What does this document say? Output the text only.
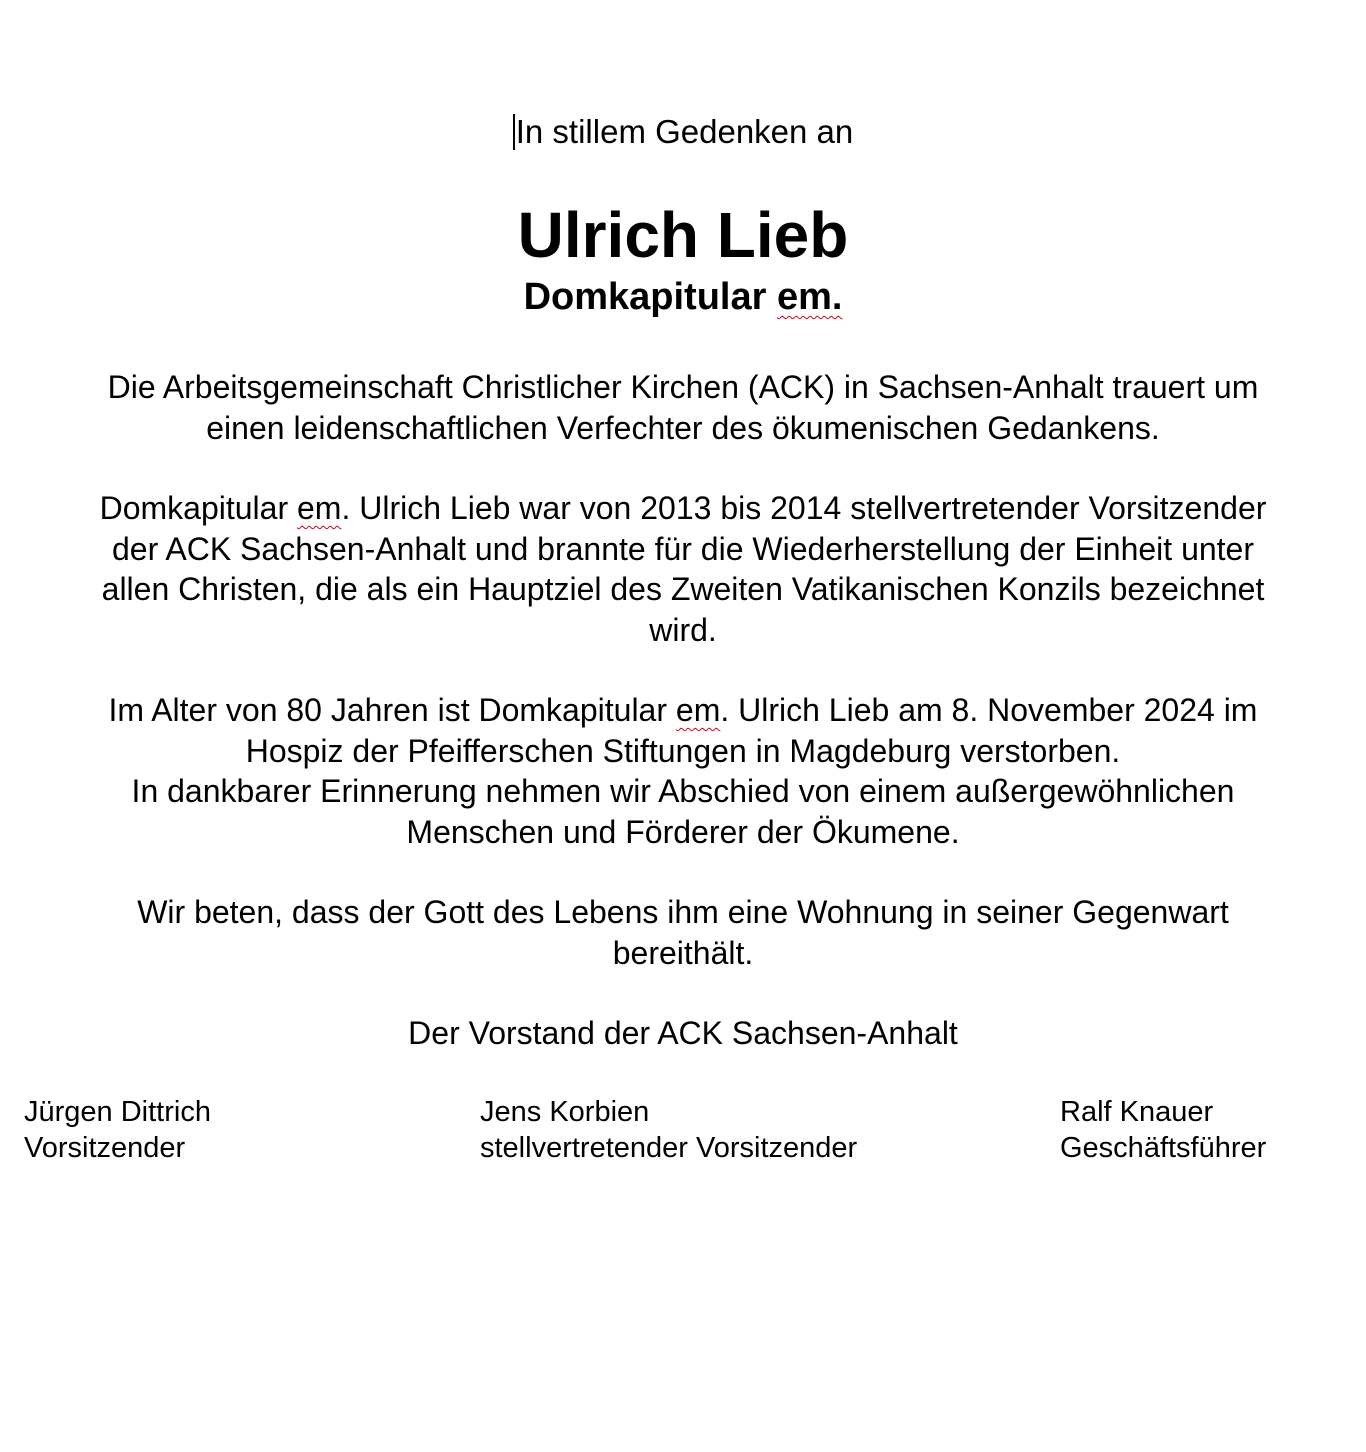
In stillem Gedenken an
Ulrich Lieb
Domkapitular em.
Die Arbeitsgemeinschaft Christlicher Kirchen (ACK) in Sachsen-Anhalt trauert um
einen leidenschaftlichen Verfechter des ökumenischen Gedankens.
Domkapitular em. Ulrich Lieb war von 2013 bis 2014 stellvertretender Vorsitzender
der ACK Sachsen-Anhalt und brannte für die Wiederherstellung der Einheit unter
allen Christen, die als ein Hauptziel des Zweiten Vatikanischen Konzils bezeichnet
wird.
Im Alter von 80 Jahren ist Domkapitular em. Ulrich Lieb am 8. November 2024 im
Hospiz der Pfeifferschen Stiftungen in Magdeburg verstorben.
In dankbarer Erinnerung nehmen wir Abschied von einem außergewöhnlichen
Menschen und Förderer der Ökumene.
Wir beten, dass der Gott des Lebens ihm eine Wohnung in seiner Gegenwart
bereithält.
Der Vorstand der ACK Sachsen-Anhalt
Jürgen Dittrich
Vorsitzender
Jens Korbien
stellvertretender Vorsitzender
Ralf Knauer
Geschäftsführer
